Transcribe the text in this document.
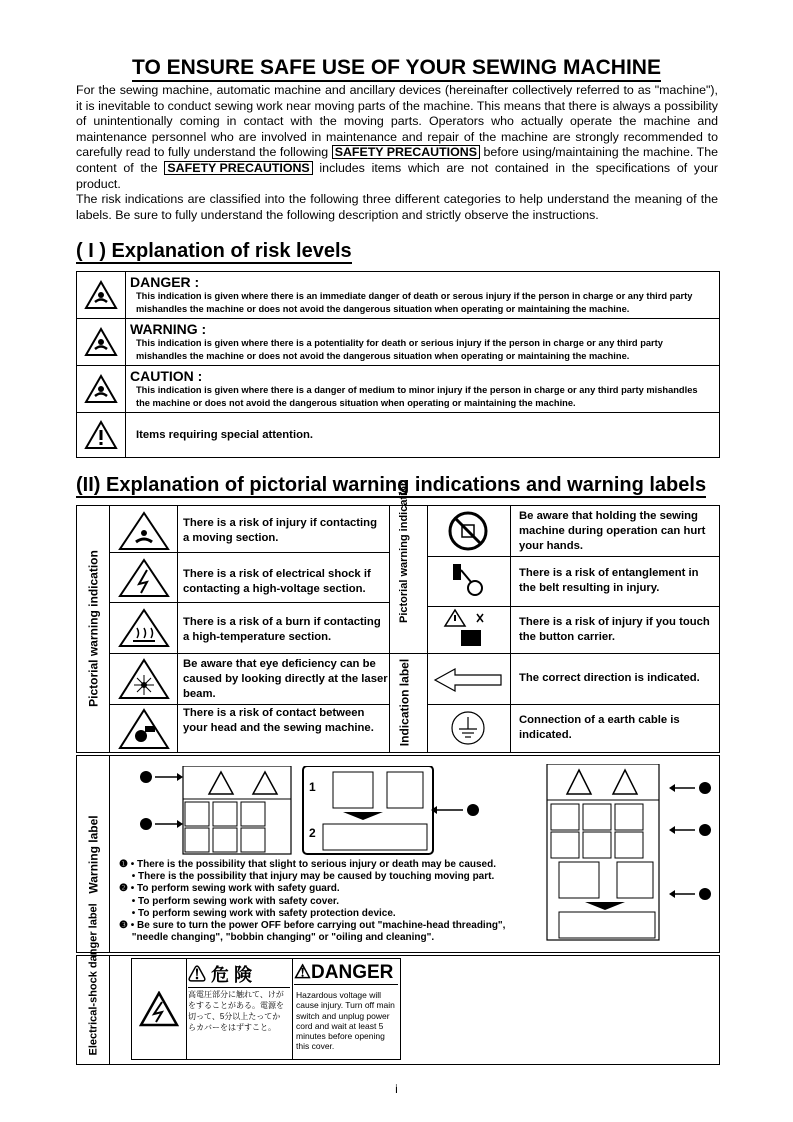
TO ENSURE SAFE USE OF YOUR SEWING MACHINE
For the sewing machine, automatic machine and ancillary devices (hereinafter collectively referred to as "machine"), it is inevitable to conduct sewing work near moving parts of the machine. This means that there is always a possibility of unintentionally coming in contact with the moving parts. Operators who actually operate the machine and maintenance personnel who are involved in maintenance and repair of the machine are strongly recommended to carefully read to fully understand the following SAFETY PRECAUTIONS before using/maintaining the machine. The content of the SAFETY PRECAUTIONS includes items which are not contained in the specifications of your product.
The risk indications are classified into the following three different categories to help understand the meaning of the labels. Be sure to fully understand the following description and strictly observe the instructions.
( I ) Explanation of risk levels
DANGER :
This indication is given where there is an immediate danger of death or serous injury if the person in charge or any third party mishandles the machine or does not avoid the dangerous situation when operating or maintaining the machine.
WARNING :
This indication is given where there is a potentiality for death or serious injury if the person in charge or any third party mishandles the machine or does not avoid the dangerous situation when operating or maintaining the machine.
CAUTION :
This indication is given where there is a danger of medium to minor injury if the person in charge or any third party mishandles the machine or does not avoid the dangerous situation when operating or maintaining the machine.
Items requiring special attention.
(II) Explanation of pictorial warning indications and warning labels
Pictorial warning indication	Pictorial warning indication
Indication label
There is a risk of injury if contacting a moving section.
There is a risk of electrical shock if contacting a high-voltage section.
There is a risk of a burn if contacting a high-temperature section.
Be aware that eye deficiency can be caused by looking directly at the laser beam.
There is a risk of contact between your head and the sewing machine.
Be aware that holding the sewing machine during operation can hurt your hands.
There is a risk of entanglement in the belt resulting in injury.
There is a risk of injury if you touch the button carrier.
The correct direction is indicated.
Connection of a earth cable is indicated.
Warning label
1
2
❶ • There is the possibility that slight to serious injury or death may be caused.
  • There is the possibility that injury may be caused by touching moving part.
❷ • To perform sewing work with safety guard.
  • To perform sewing work with safety cover.
  • To perform sewing work with safety protection device.
❸ • Be sure to turn the power OFF before carrying out "machine-head threading",
  "needle changing", "bobbin changing" or "oiling and cleaning".
Electrical-shock danger label	⚠ 危 険
高電圧部分に触れて、けがをすることがある。電源を切って、5分以上たってからカバーをはずすこと。
⚠DANGER
Hazardous voltage will cause injury. Turn off main switch and unplug power cord and wait at least 5 minutes before opening this cover.
i
